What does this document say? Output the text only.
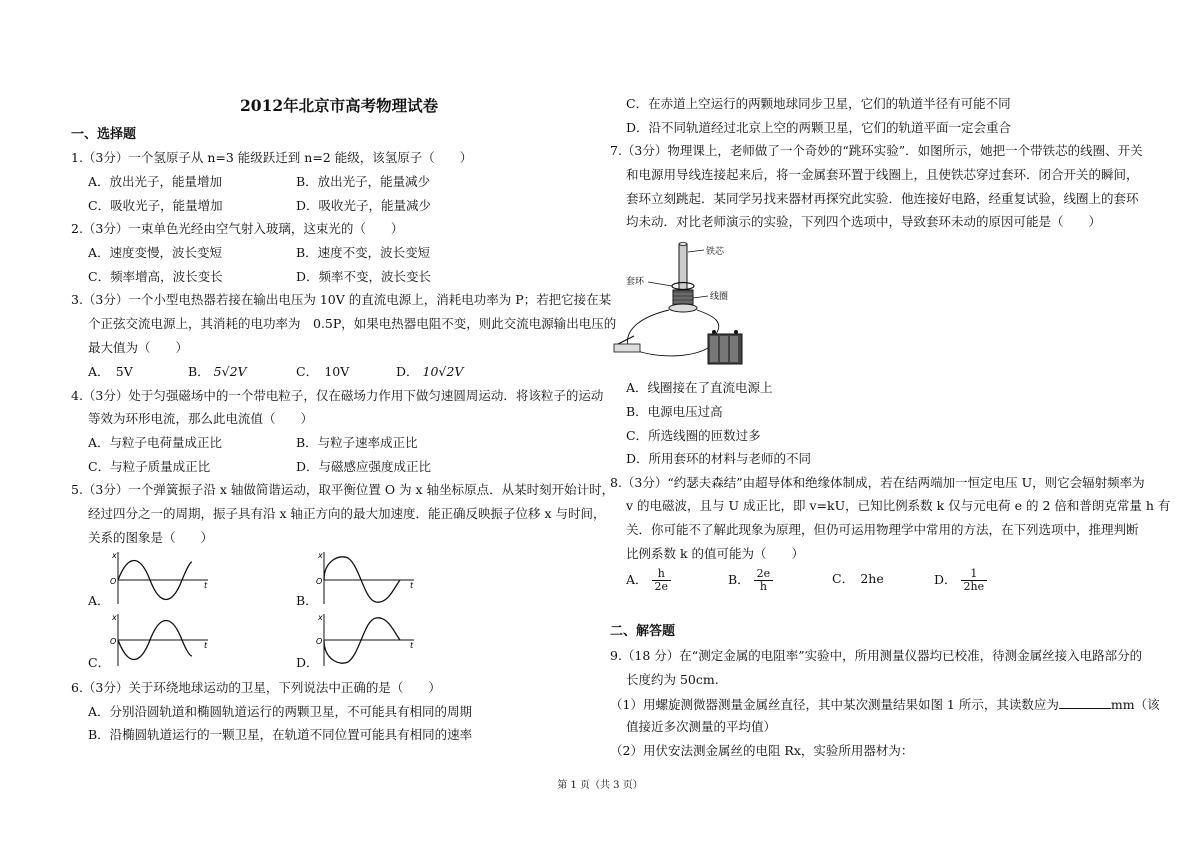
2012年北京市高考物理试卷
一、选择题
1.（3分）一个氢原子从 n=3 能级跃迁到 n=2 能级，该氢原子（　　）
A．放出光子，能量增加	B．放出光子，能量减少
C．吸收光子，能量增加	D．吸收光子，能量减少
2.（3分）一束单色光经由空气射入玻璃，这束光的（　　）
A．速度变慢，波长变短	B．速度不变，波长变短
C．频率增高，波长变长	D．频率不变，波长变长
3.（3分）一个小型电热器若接在输出电压为 10V 的直流电源上，消耗电功率为 P；若把它接在某
个正弦交流电源上，其消耗的电功率为　0.5P，如果电热器电阻不变，则此交流电源输出电压的
最大值为（　　）
A．　5V	B． 5√2V	C．　10V	D． 10√2V
4.（3分）处于匀强磁场中的一个带电粒子，仅在磁场力作用下做匀速圆周运动．将该粒子的运动
等效为环形电流，那么此电流值（　　）
A．与粒子电荷量成正比	B．与粒子速率成正比
C．与粒子质量成正比	D．与磁感应强度成正比
5.（3分）一个弹簧振子沿 x 轴做简谐运动，取平衡位置 O 为 x 轴坐标原点．从某时刻开始计时，
经过四分之一的周期，振子具有沿 x 轴正方向的最大加速度．能正确反映振子位移 x 与时间，
关系的图象是（　　）
A．	B．
C．	D．
x
O	t
x
O	t
x
O	t
x
O	t
6.（3分）关于环绕地球运动的卫星，下列说法中正确的是（　　）
A．分别沿圆轨道和椭圆轨道运行的两颗卫星，不可能具有相同的周期
B．沿椭圆轨道运行的一颗卫星，在轨道不同位置可能具有相同的速率
C．在赤道上空运行的两颗地球同步卫星，它们的轨道半径有可能不同
D．沿不同轨道经过北京上空的两颗卫星，它们的轨道平面一定会重合
7.（3分）物理课上，老师做了一个奇妙的“跳环实验”．如图所示，她把一个带铁芯的线圈、开关
和电源用导线连接起来后，将一金属套环置于线圈上，且使铁芯穿过套环．闭合开关的瞬间，
套环立刻跳起．某同学另找来器材再探究此实验．他连接好电路，经重复试验，线圈上的套环
均未动．对比老师演示的实验，下列四个选项中，导致套环未动的原因可能是（　　）
铁芯
套环
线圈
A．线圈接在了直流电源上
B．电源电压过高
C．所选线圈的匝数过多
D．所用套环的材料与老师的不同
8.（3分）“约瑟夫森结”由超导体和绝缘体制成，若在结两端加一恒定电压 U，则它会辐射频率为
v 的电磁波，且与 U 成正比，即 v=kU，已知比例系数 k 仅与元电荷 e 的 2 倍和普朗克常量 h 有
关．你可能不了解此现象为原理，但仍可运用物理学中常用的方法，在下列选项中，推理判断
比例系数 k 的值可能为（　　）
A． $\frac{h}{2e}$	B． $\frac{2e}{h}$	C．　2he	D． $\frac{1}{2he}$
二、解答题
9.（18 分）在“测定金属的电阻率”实验中，所用测量仪器均已校准，待测金属丝接入电路部分的
长度约为 50cm.
（1）用螺旋测微器测量金属丝直径，其中某次测量结果如图 1 所示，其读数应为	mm（该
值接近多次测量的平均值）
（2）用伏安法测金属丝的电阻 Rx，实验所用器材为：
第 1 页（共 3 页）
